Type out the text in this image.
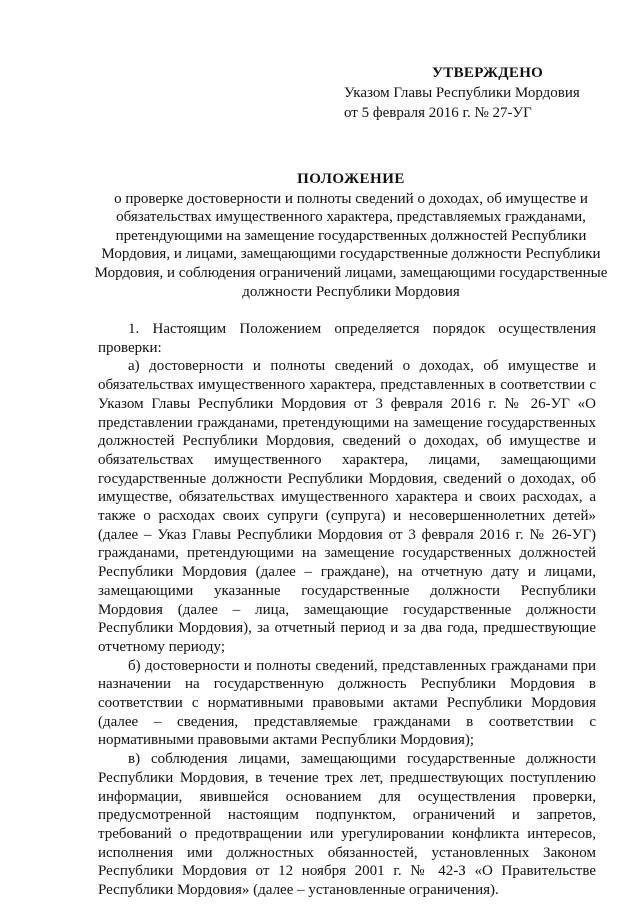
УТВЕРЖДЕНО
Указом Главы Республики Мордовия
от 5 февраля 2016 г. № 27-УГ
ПОЛОЖЕНИЕ
о проверке достоверности и полноты сведений о доходах, об имуществе и обязательствах имущественного характера, представляемых гражданами, претендующими на замещение государственных должностей Республики Мордовия, и лицами, замещающими государственные должности Республики Мордовия, и соблюдения ограничений лицами, замещающими государственные должности Республики Мордовия

1. Настоящим Положением определяется порядок осуществления проверки:

а) достоверности и полноты сведений о доходах, об имуществе и обязательствах имущественного характера, представленных в соответствии с Указом Главы Республики Мордовия от 3 февраля 2016 г. № 26-УГ «О представлении гражданами, претендующими на замещение государственных должностей Республики Мордовия, сведений о доходах, об имуществе и обязательствах имущественного характера, лицами, замещающими государственные должности Республики Мордовия, сведений о доходах, об имуществе, обязательствах имущественного характера и своих расходах, а также о расходах своих супруги (супруга) и несовершеннолетних детей» (далее – Указ Главы Республики Мордовия от 3 февраля 2016 г. № 26-УГ) гражданами, претендующими на замещение государственных должностей Республики Мордовия (далее – граждане), на отчетную дату и лицами, замещающими указанные государственные должности Республики Мордовия (далее – лица, замещающие государственные должности Республики Мордовия), за отчетный период и за два года, предшествующие отчетному периоду;

б) достоверности и полноты сведений, представленных гражданами при назначении на государственную должность Республики Мордовия в соответствии с нормативными правовыми актами Республики Мордовия (далее – сведения, представляемые гражданами в соответствии с нормативными правовыми актами Республики Мордовия);

в) соблюдения лицами, замещающими государственные должности Республики Мордовия, в течение трех лет, предшествующих поступлению информации, явившейся основанием для осуществления проверки, предусмотренной настоящим подпунктом, ограничений и запретов, требований о предотвращении или урегулировании конфликта интересов, исполнения ими должностных обязанностей, установленных Законом Республики Мордовия от 12 ноября 2001 г. № 42-З «О Правительстве Республики Мордовия» (далее – установленные ограничения).
